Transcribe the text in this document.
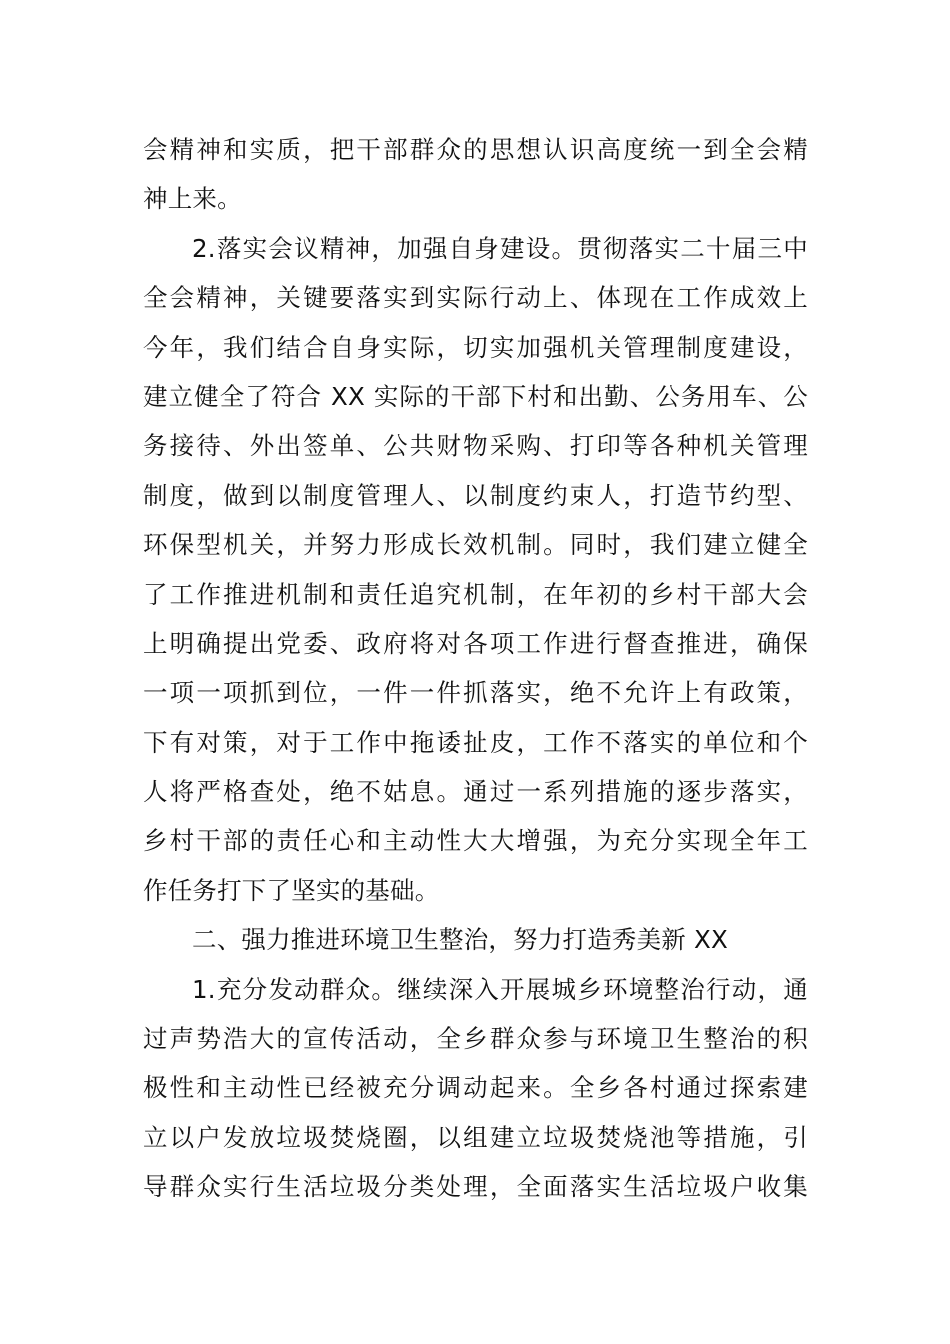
会精神和实质，把干部群众的思想认识高度统一到全会精
神上来。
2.落实会议精神，加强自身建设。贯彻落实二十届三中
全会精神，关键要落实到实际行动上、体现在工作成效上
今年，我们结合自身实际，切实加强机关管理制度建设，
建立健全了符合 XX 实际的干部下村和出勤、公务用车、公
务接待、外出签单、公共财物采购、打印等各种机关管理
制度，做到以制度管理人、以制度约束人，打造节约型、
环保型机关，并努力形成长效机制。同时，我们建立健全
了工作推进机制和责任追究机制，在年初的乡村干部大会
上明确提出党委、政府将对各项工作进行督查推进，确保
一项一项抓到位，一件一件抓落实，绝不允许上有政策，
下有对策，对于工作中拖诿扯皮，工作不落实的单位和个
人将严格查处，绝不姑息。通过一系列措施的逐步落实，
乡村干部的责任心和主动性大大增强，为充分实现全年工
作任务打下了坚实的基础。
二、强力推进环境卫生整治，努力打造秀美新 XX
1.充分发动群众。继续深入开展城乡环境整治行动，通
过声势浩大的宣传活动，全乡群众参与环境卫生整治的积
极性和主动性已经被充分调动起来。全乡各村通过探索建
立以户发放垃圾焚烧圈，以组建立垃圾焚烧池等措施，引
导群众实行生活垃圾分类处理，全面落实生活垃圾户收集
